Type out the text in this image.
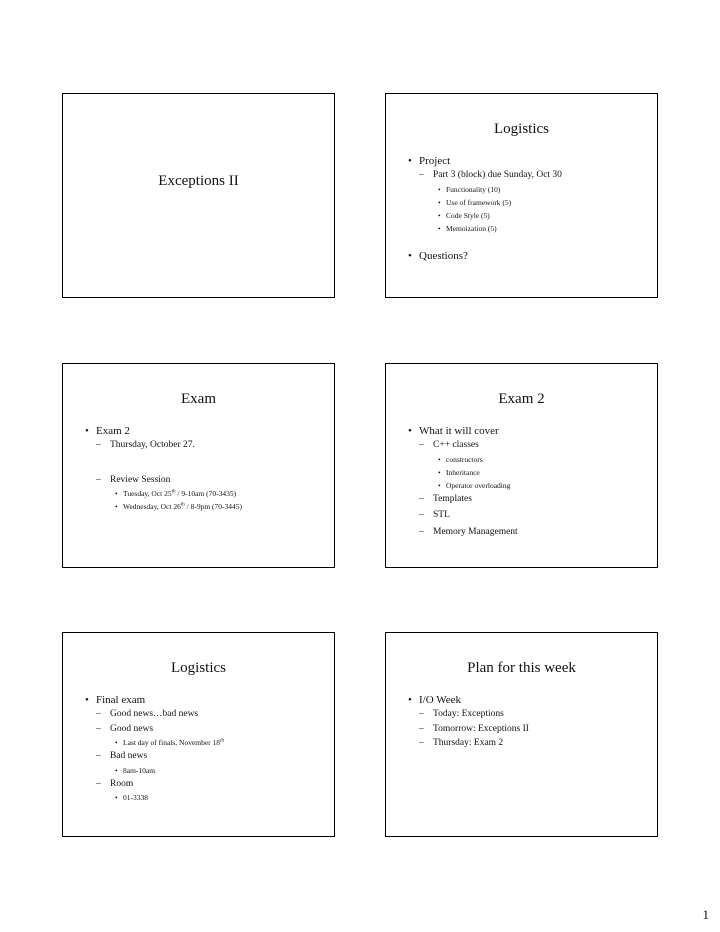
Exceptions II
Logistics
• Project
– Part 3 (block) due Sunday, Oct 30
• Functionality (10)
• Use of framework (5)
• Code Style (5)
• Memoization (5)
• Questions?
Exam
• Exam 2
– Thursday, October 27.
– Review Session
• Tuesday, Oct 25th / 9-10am (70-3435)
• Wednesday, Oct 26th / 8-9pm (70-3445)
Exam 2
• What it will cover
– C++ classes
• constructors
• Inheritance
• Operator overloading
– Templates
– STL
– Memory Management
Logistics
• Final exam
– Good news…bad news
– Good news
• Last day of finals, November 18th
– Bad news
• 8am-10am
– Room
• 01-3338
Plan for this week
• I/O Week
– Today: Exceptions
– Tomorrow: Exceptions II
– Thursday: Exam 2
1
